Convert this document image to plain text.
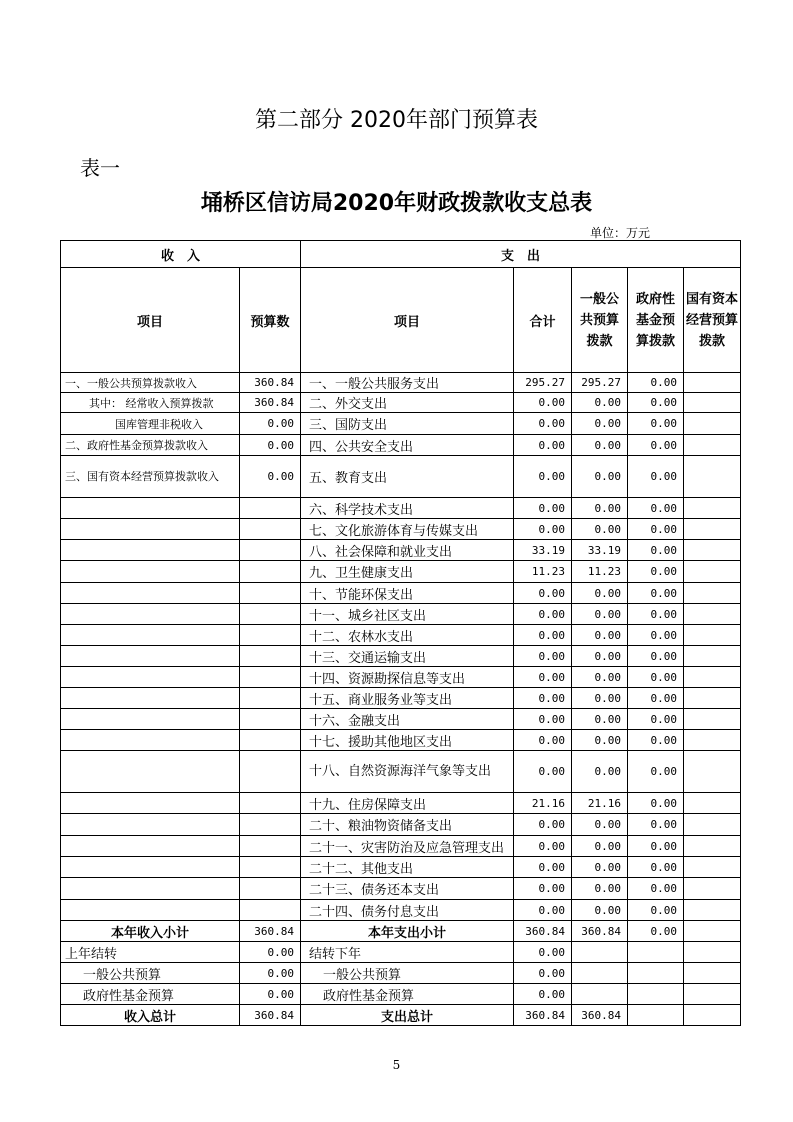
第二部分 2020年部门预算表
表一
埇桥区信访局2020年财政拨款收支总表
单位：万元
收　入		支　出				
项目	预算数	项目	合计	一般公共预算拨款	政府性基金预算拨款	国有资本经营预算拨款
一、一般公共预算拨款收入	360.84	一、一般公共服务支出	295.27	295.27	0.00	
其中： 经常收入预算拨款	360.84	二、外交支出	0.00	0.00	0.00	
国库管理非税收入	0.00	三、国防支出	0.00	0.00	0.00	
二、政府性基金预算拨款收入	0.00	四、公共安全支出	0.00	0.00	0.00	
三、国有资本经营预算拨款收入	0.00	五、教育支出	0.00	0.00	0.00	
		六、科学技术支出	0.00	0.00	0.00	
		七、文化旅游体育与传媒支出	0.00	0.00	0.00	
		八、社会保障和就业支出	33.19	33.19	0.00	
		九、卫生健康支出	11.23	11.23	0.00	
		十、节能环保支出	0.00	0.00	0.00	
		十一、城乡社区支出	0.00	0.00	0.00	
		十二、农林水支出	0.00	0.00	0.00	
		十三、交通运输支出	0.00	0.00	0.00	
		十四、资源勘探信息等支出	0.00	0.00	0.00	
		十五、商业服务业等支出	0.00	0.00	0.00	
		十六、金融支出	0.00	0.00	0.00	
		十七、援助其他地区支出	0.00	0.00	0.00	
		十八、自然资源海洋气象等支出	0.00	0.00	0.00	
		十九、住房保障支出	21.16	21.16	0.00	
		二十、粮油物资储备支出	0.00	0.00	0.00	
		二十一、灾害防治及应急管理支出	0.00	0.00	0.00	
		二十二、其他支出	0.00	0.00	0.00	
		二十三、债务还本支出	0.00	0.00	0.00	
		二十四、债务付息支出	0.00	0.00	0.00	
本年收入小计	360.84	本年支出小计	360.84	360.84	0.00	
上年结转	0.00	结转下年	0.00			
一般公共预算	0.00	一般公共预算	0.00			
政府性基金预算	0.00	政府性基金预算	0.00			
收入总计	360.84	支出总计	360.84	360.84		
5
